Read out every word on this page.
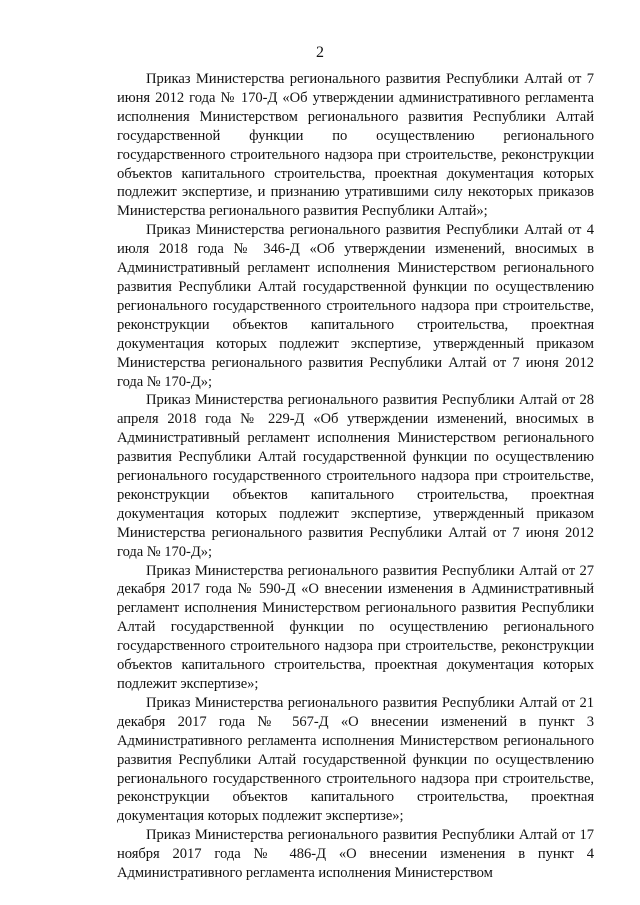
2

Приказ Министерства регионального развития Республики Алтай от 7 июня 2012 года № 170-Д «Об утверждении административного регламента исполнения Министерством регионального развития Республики Алтай государственной функции по осуществлению регионального государственного строительного надзора при строительстве, реконструкции объектов капитального строительства, проектная документация которых подлежит экспертизе, и признанию утратившими силу некоторых приказов Министерства регионального развития Республики Алтай»;

Приказ Министерства регионального развития Республики Алтай от 4 июля 2018 года № 346-Д «Об утверждении изменений, вносимых в Административный регламент исполнения Министерством регионального развития Республики Алтай государственной функции по осуществлению регионального государственного строительного надзора при строительстве, реконструкции объектов капитального строительства, проектная документация которых подлежит экспертизе, утвержденный приказом Министерства регионального развития Республики Алтай от 7 июня 2012 года № 170-Д»;

Приказ Министерства регионального развития Республики Алтай от 28 апреля 2018 года № 229-Д «Об утверждении изменений, вносимых в Административный регламент исполнения Министерством регионального развития Республики Алтай государственной функции по осуществлению регионального государственного строительного надзора при строительстве, реконструкции объектов капитального строительства, проектная документация которых подлежит экспертизе, утвержденный приказом Министерства регионального развития Республики Алтай от 7 июня 2012 года № 170-Д»;

Приказ Министерства регионального развития Республики Алтай от 27 декабря 2017 года № 590-Д «О внесении изменения в Административный регламент исполнения Министерством регионального развития Республики Алтай государственной функции по осуществлению регионального государственного строительного надзора при строительстве, реконструкции объектов капитального строительства, проектная документация которых подлежит экспертизе»;

Приказ Министерства регионального развития Республики Алтай от 21 декабря 2017 года № 567-Д «О внесении изменений в пункт 3 Административного регламента исполнения Министерством регионального развития Республики Алтай государственной функции по осуществлению регионального государственного строительного надзора при строительстве, реконструкции объектов капитального строительства, проектная документация которых подлежит экспертизе»;

Приказ Министерства регионального развития Республики Алтай от 17 ноября 2017 года № 486-Д «О внесении изменения в пункт 4 Административного регламента исполнения Министерством
